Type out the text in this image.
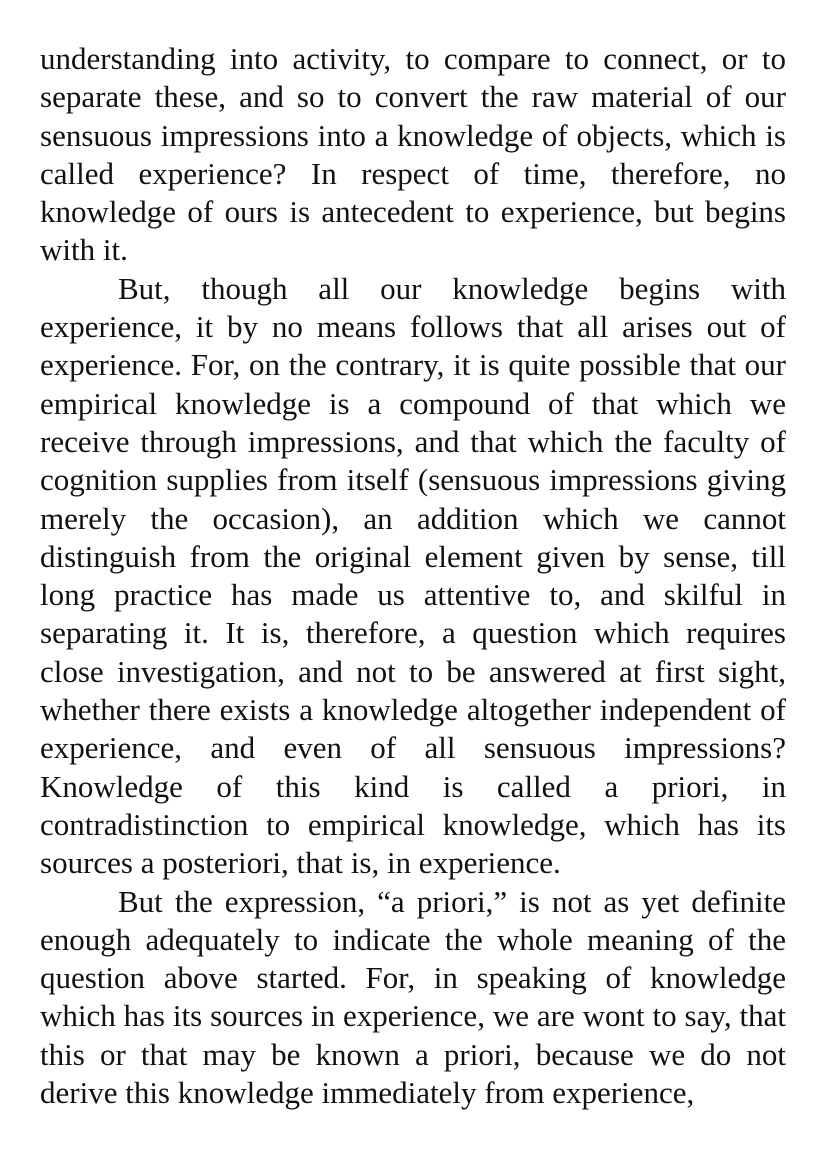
understanding into activity, to compare to connect, or to separate these, and so to convert the raw material of our sensuous impressions into a knowledge of objects, which is called experience? In respect of time, therefore, no knowledge of ours is antecedent to experience, but begins with it.

But, though all our knowledge begins with experience, it by no means follows that all arises out of experience. For, on the contrary, it is quite possible that our empirical knowledge is a compound of that which we receive through impressions, and that which the faculty of cognition supplies from itself (sensuous impressions giving merely the occasion), an addition which we cannot distinguish from the original element given by sense, till long practice has made us attentive to, and skilful in separating it. It is, therefore, a question which requires close investigation, and not to be answered at first sight, whether there exists a knowledge altogether independent of experience, and even of all sensuous impressions? Knowledge of this kind is called a priori, in contradistinction to empirical knowledge, which has its sources a posteriori, that is, in experience.

But the expression, “a priori,” is not as yet definite enough adequately to indicate the whole meaning of the question above started. For, in speaking of knowledge which has its sources in experience, we are wont to say, that this or that may be known a priori, because we do not derive this knowledge immediately from experience,
